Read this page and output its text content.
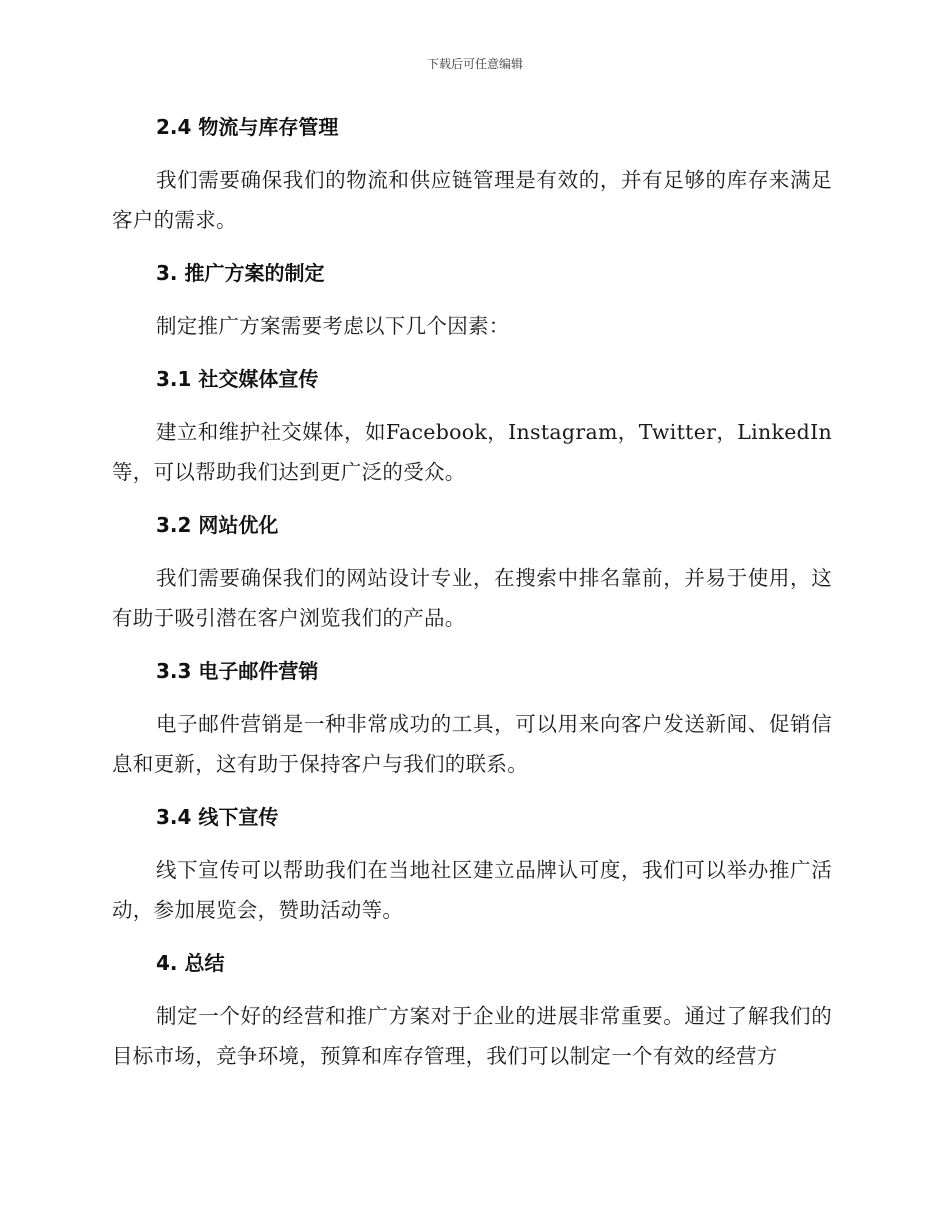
下载后可任意编辑
2.4 物流与库存管理
我们需要确保我们的物流和供应链管理是有效的，并有足够的库存来满足客户的需求。
3. 推广方案的制定
制定推广方案需要考虑以下几个因素：
3.1 社交媒体宣传
建立和维护社交媒体，如Facebook，Instagram，Twitter，LinkedIn等，可以帮助我们达到更广泛的受众。
3.2 网站优化
我们需要确保我们的网站设计专业，在搜索中排名靠前，并易于使用，这有助于吸引潜在客户浏览我们的产品。
3.3 电子邮件营销
电子邮件营销是一种非常成功的工具，可以用来向客户发送新闻、促销信息和更新，这有助于保持客户与我们的联系。
3.4 线下宣传
线下宣传可以帮助我们在当地社区建立品牌认可度，我们可以举办推广活动，参加展览会，赞助活动等。
4. 总结
制定一个好的经营和推广方案对于企业的进展非常重要。通过了解我们的目标市场，竞争环境，预算和库存管理，我们可以制定一个有效的经营方
